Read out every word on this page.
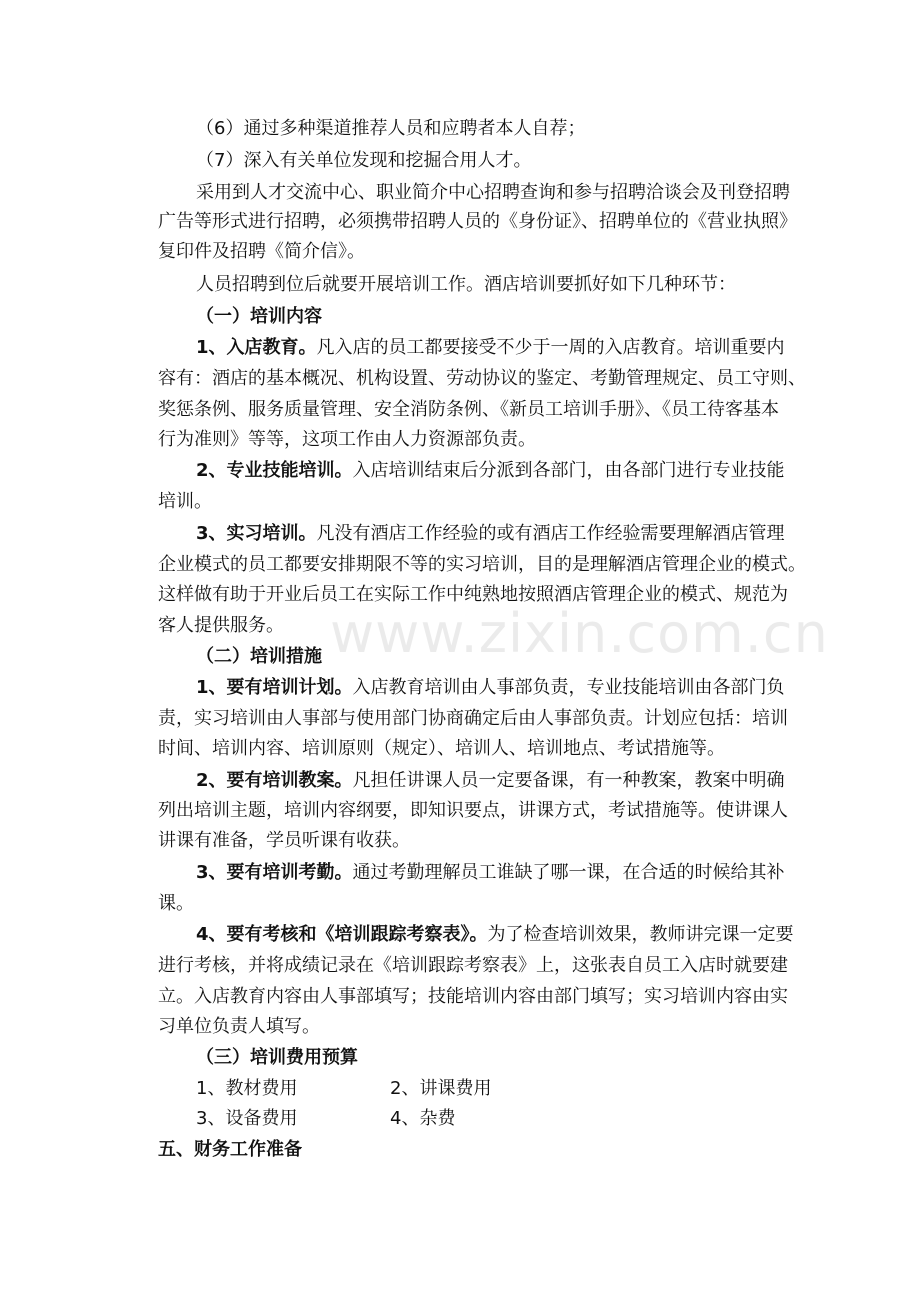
（6）通过多种渠道推荐人员和应聘者本人自荐；
（7）深入有关单位发现和挖掘合用人才。
采用到人才交流中心、职业简介中心招聘查询和参与招聘洽谈会及刊登招聘
广告等形式进行招聘，必须携带招聘人员的《身份证》、招聘单位的《营业执照》
复印件及招聘《简介信》。
人员招聘到位后就要开展培训工作。酒店培训要抓好如下几种环节：
（一）培训内容
1、入店教育。凡入店的员工都要接受不少于一周的入店教育。培训重要内
容有：酒店的基本概况、机构设置、劳动协议的鉴定、考勤管理规定、员工守则、
奖惩条例、服务质量管理、安全消防条例、《新员工培训手册》、《员工待客基本
行为准则》等等，这项工作由人力资源部负责。
2、专业技能培训。入店培训结束后分派到各部门，由各部门进行专业技能
培训。
3、实习培训。凡没有酒店工作经验的或有酒店工作经验需要理解酒店管理
企业模式的员工都要安排期限不等的实习培训，目的是理解酒店管理企业的模式。
这样做有助于开业后员工在实际工作中纯熟地按照酒店管理企业的模式、规范为
客人提供服务。 www.zixin.com.cn
（二）培训措施
1、要有培训计划。入店教育培训由人事部负责，专业技能培训由各部门负
责，实习培训由人事部与使用部门协商确定后由人事部负责。计划应包括：培训
时间、培训内容、培训原则（规定）、培训人、培训地点、考试措施等。
2、要有培训教案。凡担任讲课人员一定要备课，有一种教案，教案中明确
列出培训主题，培训内容纲要，即知识要点，讲课方式，考试措施等。使讲课人
讲课有准备，学员听课有收获。
3、要有培训考勤。通过考勤理解员工谁缺了哪一课，在合适的时候给其补
课。
4、要有考核和《培训跟踪考察表》。为了检查培训效果，教师讲完课一定要
进行考核，并将成绩记录在《培训跟踪考察表》上，这张表自员工入店时就要建
立。入店教育内容由人事部填写；技能培训内容由部门填写；实习培训内容由实
习单位负责人填写。
（三）培训费用预算
1、教材费用	2、讲课费用
3、设备费用	4、杂费
五、财务工作准备
